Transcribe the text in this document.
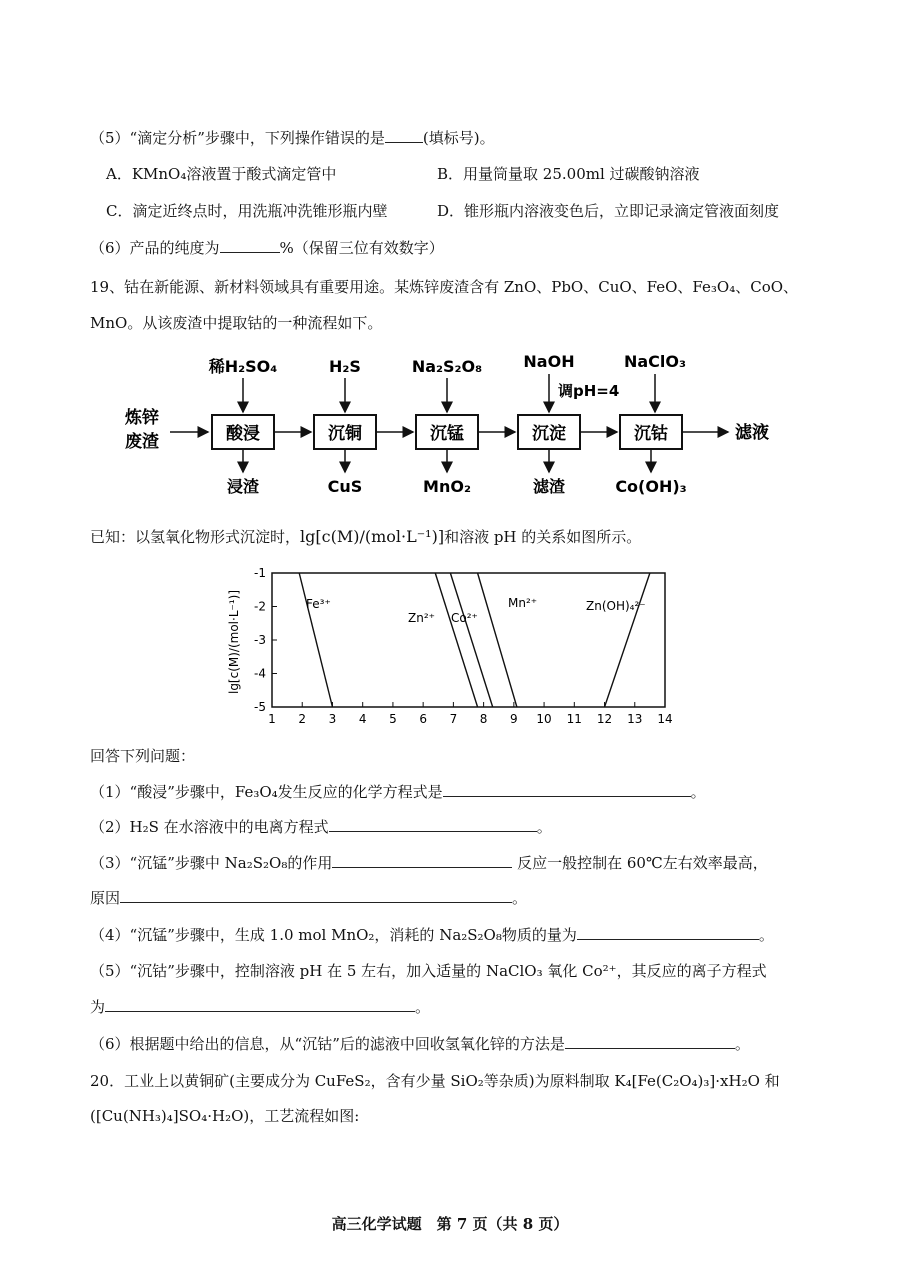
（5）“滴定分析”步骤中，下列操作错误的是	(填标号)。
A．KMnO₄溶液置于酸式滴定管中	B．用量筒量取 25.00ml 过碳酸钠溶液
C．滴定近终点时，用洗瓶冲洗锥形瓶内壁	D．锥形瓶内溶液变色后，立即记录滴定管液面刻度
（6）产品的纯度为	%（保留三位有效数字）
19、钴在新能源、新材料领域具有重要用途。某炼锌废渣含有 ZnO、PbO、CuO、FeO、Fe₃O₄、CoO、
MnO。从该废渣中提取钴的一种流程如下。
炼锌
废渣	酸浸	沉铜	沉锰	沉淀	沉钴	滤液
稀H₂SO₄	H₂S	Na₂S₂O₈	NaOH	NaClO₃
调pH=4
浸渣	CuS	MnO₂	滤渣	Co(OH)₃
已知：以氢氧化物形式沉淀时，lg[c(M)/(mol·L⁻¹)]和溶液 pH 的关系如图所示。
lg[c(M)/(mol·L⁻¹)]
-1
-2
-3
-4
-5
1 2 3 4 5 6 7 8 9 10 11 12 13 14
Fe³⁺
Zn²⁺ Co²⁺
Mn²⁺	Zn(OH)₄²⁻
回答下列问题：
（1）“酸浸”步骤中，Fe₃O₄发生反应的化学方程式是	。
（2）H₂S 在水溶液中的电离方程式	。
（3）“沉锰”步骤中 Na₂S₂O₈的作用	反应一般控制在 60℃左右效率最高，
原因	。
（4）“沉锰”步骤中，生成 1.0 mol MnO₂，消耗的 Na₂S₂O₈物质的量为	。
（5）“沉钴”步骤中，控制溶液 pH 在 5 左右，加入适量的 NaClO₃ 氧化 Co²⁺，其反应的离子方程式
为	。
（6）根据题中给出的信息，从“沉钴”后的滤液中回收氢氧化锌的方法是	。
20．工业上以黄铜矿(主要成分为 CuFeS₂，含有少量 SiO₂等杂质)为原料制取 K₄[Fe(C₂O₄)₃]·xH₂O 和
([Cu(NH₃)₄]SO₄·H₂O)，工艺流程如图:
高三化学试题　第 7 页（共 8 页）
